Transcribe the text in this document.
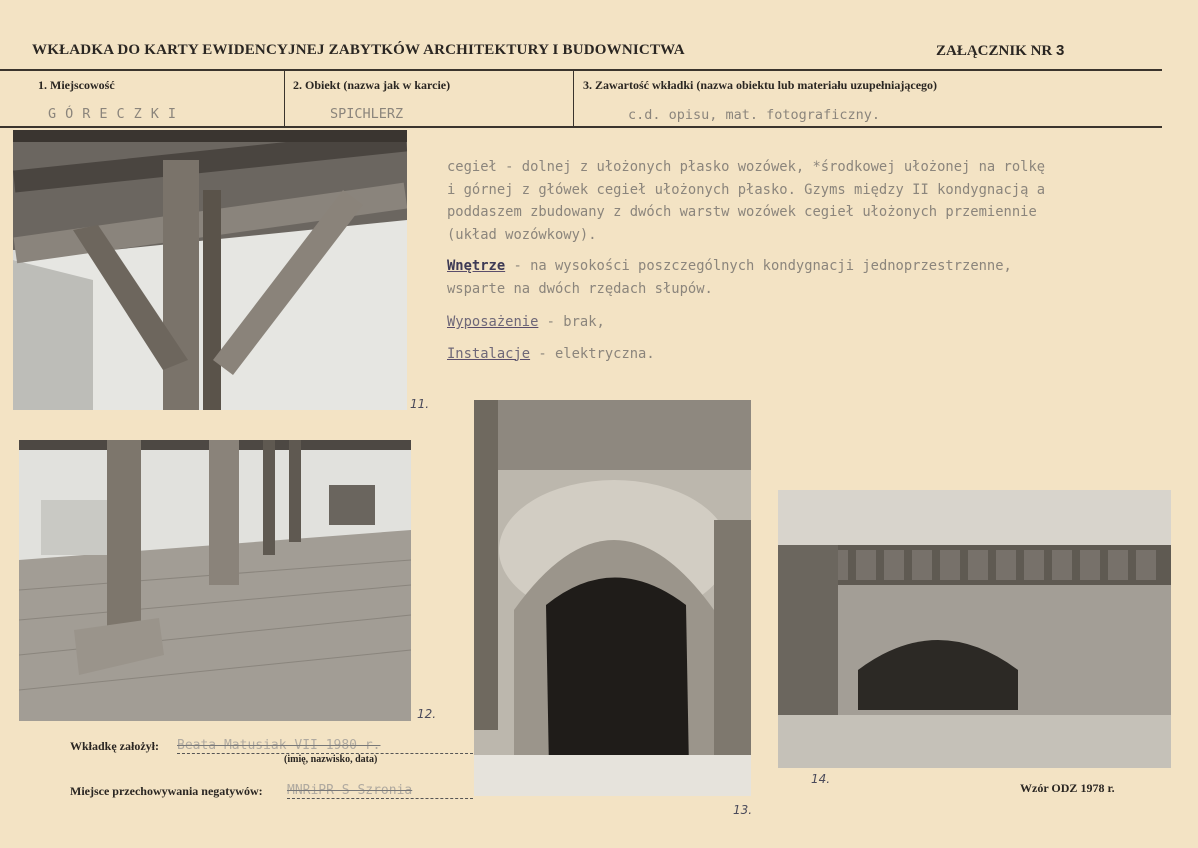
WKŁADKA DO KARTY EWIDENCYJNEJ ZABYTKÓW ARCHITEKTURY I BUDOWNICTWA	ZAŁĄCZNIK NR 3
1. Miejscowość
GÓRECZKI
2. Obiekt (nazwa jak w karcie)
SPICHLERZ
3. Zawartość wkładki (nazwa obiektu lub materiału uzupełniającego)
c.d. opisu, mat. fotograficzny.

cegieł - dolnej z ułożonych płasko wozówek, *środkowej ułożonej na rolkę

i górnej z główek cegieł ułożonych płasko. Gzyms między II kondygnacją a

poddaszem zbudowany z dwóch warstw wozówek cegieł ułożonych przemiennie

(układ wozówkowy).

Wnętrze - na wysokości poszczególnych kondygnacji jednoprzestrzenne,

wsparte na dwóch rzędach słupów.

Wyposażenie - brak,

Instalacje - elektryczna.

11.
12.
13.
14.
Wkładkę założył: Beata Matusiak VII 1980 r.
(imię, nazwisko, data)
Miejsce przechowywania negatywów: MNRiPR S Szronia	Wzór ODZ 1978 r.
